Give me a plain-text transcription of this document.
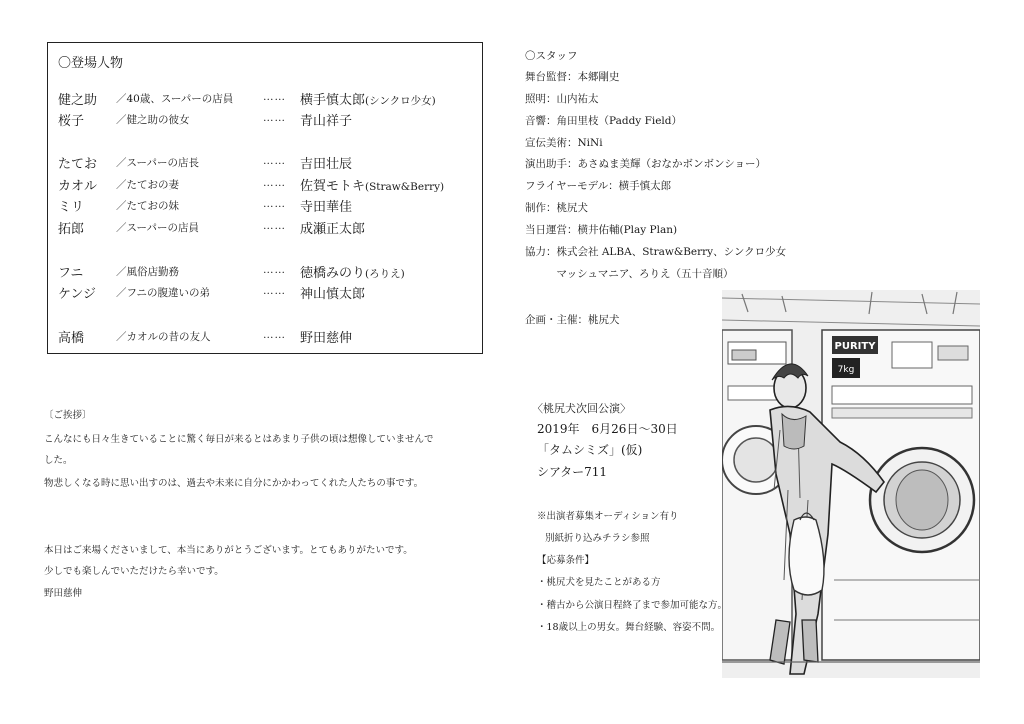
〇登場人物
健之助 ／40歳、スーパーの店員	…… 横手慎太郎(シンクロ少女)
桜子	／健之助の彼女	…… 青山祥子
たてお ／スーパーの店長	…… 吉田壮辰
カオル ／たておの妻	…… 佐賀モトキ(Straw&Berry)
ミリ	／たておの妹	…… 寺田華佳
拓郎	／スーパーの店員	…… 成瀬正太郎
フニ	／風俗店勤務	…… 徳橋みのり(ろりえ)
ケンジ ／フニの腹違いの弟	…… 神山慎太郎
高橋	／カオルの昔の友人	…… 野田慈伸
〔ご挨拶〕
こんなにも日々生きていることに驚く毎日が来るとはあまり子供の頃は想像していませんで
した。
物悲しくなる時に思い出すのは、過去や未来に自分にかかわってくれた人たちの事です。
本日はご来場くださいまして、本当にありがとうございます。とてもありがたいです。
少しでも楽しんでいただけたら幸いです。
野田慈伸
〇スタッフ
舞台監督：本郷剛史
照明：山内祐太
音響：角田里枝（Paddy Field）
宣伝美術：NiNi
演出助手：あさぬま美輝（おなかボンボンショー）
フライヤーモデル：横手慎太郎
制作：桃尻犬
当日運営：横井佑輔(Play Plan)
協力：株式会社 ALBA、Straw&Berry、シンクロ少女
　　　マッシュマニア、ろりえ（五十音順）
企画・主催：桃尻犬
PURITY
7kg
〈桃尻犬次回公演〉
2019年　6月26日〜30日
「タムシミズ」(仮)
シアター711
※出演者募集オーディション有り
別紙折り込みチラシ参照
【応募条件】
・桃尻犬を見たことがある方
・稽古から公演日程終了まで参加可能な方。
・18歳以上の男女。舞台経験、容姿不問。
